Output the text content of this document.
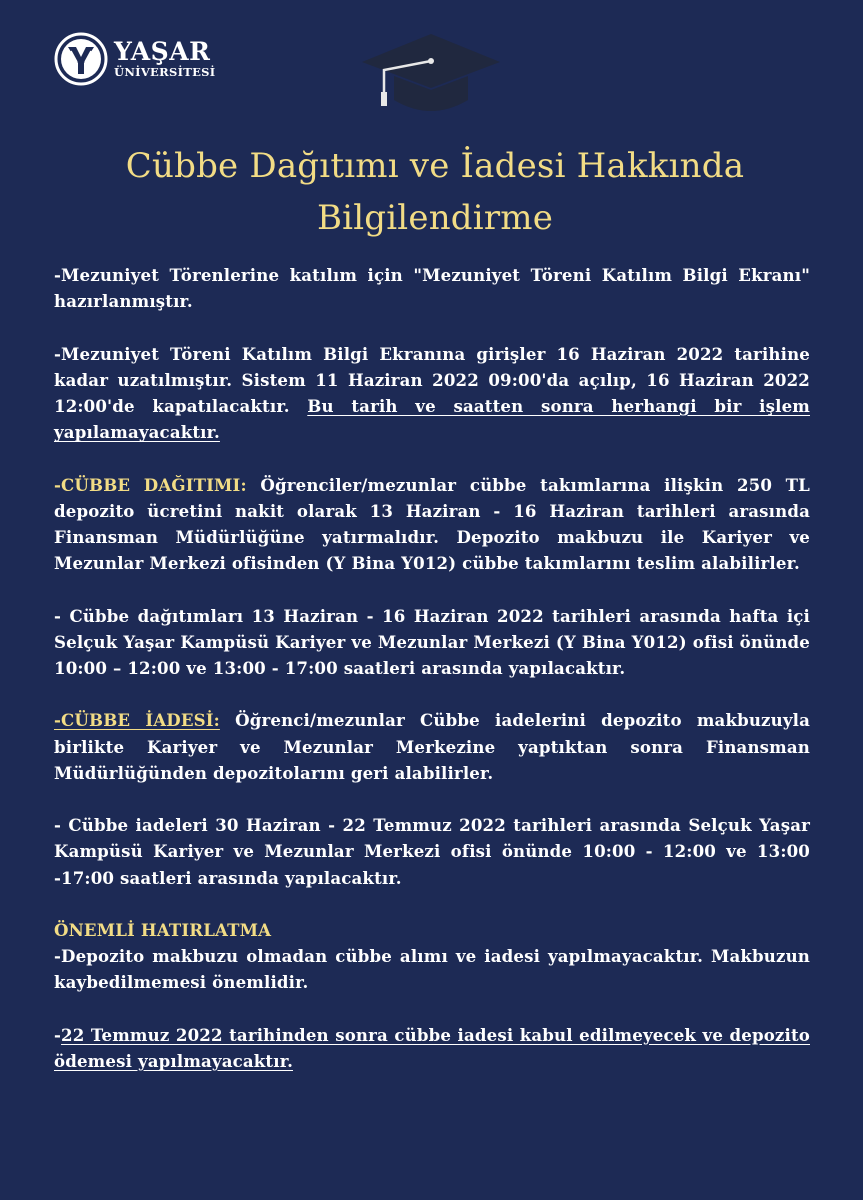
YAŞAR
ÜNİVERSİTESİ
Cübbe Dağıtımı ve İadesi Hakkında
Bilgilendirme

-Mezuniyet Törenlerine katılım için "Mezuniyet Töreni Katılım Bilgi Ekranı" hazırlanmıştır.

-Mezuniyet Töreni Katılım Bilgi Ekranına girişler 16 Haziran 2022 tarihine kadar uzatılmıştır. Sistem 11 Haziran 2022 09:00'da açılıp, 16 Haziran 2022 12:00'de kapatılacaktır. Bu tarih ve saatten sonra herhangi bir işlem yapılamayacaktır.

-CÜBBE DAĞITIMI: Öğrenciler/mezunlar cübbe takımlarına ilişkin 250 TL depozito ücretini nakit olarak 13 Haziran - 16 Haziran tarihleri arasında Finansman Müdürlüğüne yatırmalıdır. Depozito makbuzu ile Kariyer ve Mezunlar Merkezi ofisinden (Y Bina Y012) cübbe takımlarını teslim alabilirler.

- Cübbe dağıtımları 13 Haziran - 16 Haziran 2022 tarihleri arasında hafta içi Selçuk Yaşar Kampüsü Kariyer ve Mezunlar Merkezi (Y Bina Y012) ofisi önünde 10:00 – 12:00 ve 13:00 - 17:00 saatleri arasında yapılacaktır.

-CÜBBE İADESİ: Öğrenci/mezunlar Cübbe iadelerini depozito makbuzuyla birlikte Kariyer ve Mezunlar Merkezine yaptıktan sonra Finansman Müdürlüğünden depozitolarını geri alabilirler.

- Cübbe iadeleri 30 Haziran - 22 Temmuz 2022 tarihleri arasında Selçuk Yaşar Kampüsü Kariyer ve Mezunlar Merkezi ofisi önünde 10:00 - 12:00 ve 13:00 -17:00 saatleri arasında yapılacaktır.

ÖNEMLİ HATIRLATMA
-Depozito makbuzu olmadan cübbe alımı ve iadesi yapılmayacaktır. Makbuzun kaybedilmemesi önemlidir.

-22 Temmuz 2022 tarihinden sonra cübbe iadesi kabul edilmeyecek ve depozito ödemesi yapılmayacaktır.
